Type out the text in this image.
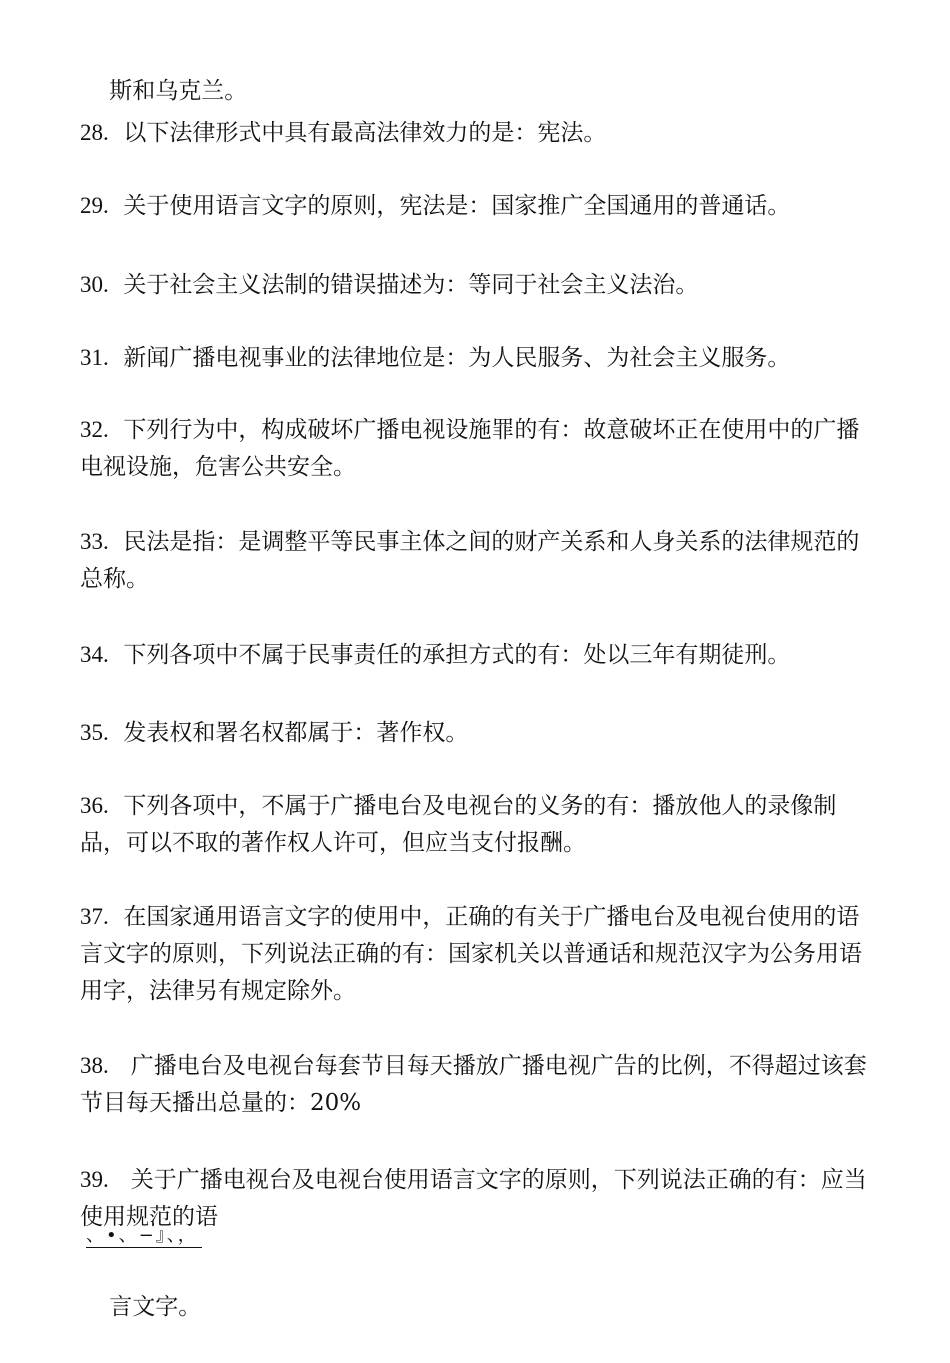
斯和乌克兰。

28. 以下法律形式中具有最高法律效力的是：宪法。

29. 关于使用语言文字的原则，宪法是：国家推广全国通用的普通话。

30. 关于社会主义法制的错误描述为：等同于社会主义法治。

31. 新闻广播电视事业的法律地位是：为人民服务、为社会主义服务。

32. 下列行为中，构成破坏广播电视设施罪的有：故意破坏正在使用中的广播电视设施，危害公共安全。

33. 民法是指：是调整平等民事主体之间的财产关系和人身关系的法律规范的总称。

34. 下列各项中不属于民事责任的承担方式的有：处以三年有期徒刑。

35. 发表权和署名权都属于：著作权。

36. 下列各项中，不属于广播电台及电视台的义务的有：播放他人的录像制品，可以不取的著作权人许可，但应当支付报酬。

37. 在国家通用语言文字的使用中，正确的有关于广播电台及电视台使用的语言文字的原则，下列说法正确的有：国家机关以普通话和规范汉字为公务用语用字，法律另有规定除外。

38. 广播电台及电视台每套节目每天播放广播电视广告的比例，不得超过该套节目每天播出总量的：20%

39. 关于广播电视台及电视台使用语言文字的原则，下列说法正确的有：应当使用规范的语

、•、−』、，

言文字。
